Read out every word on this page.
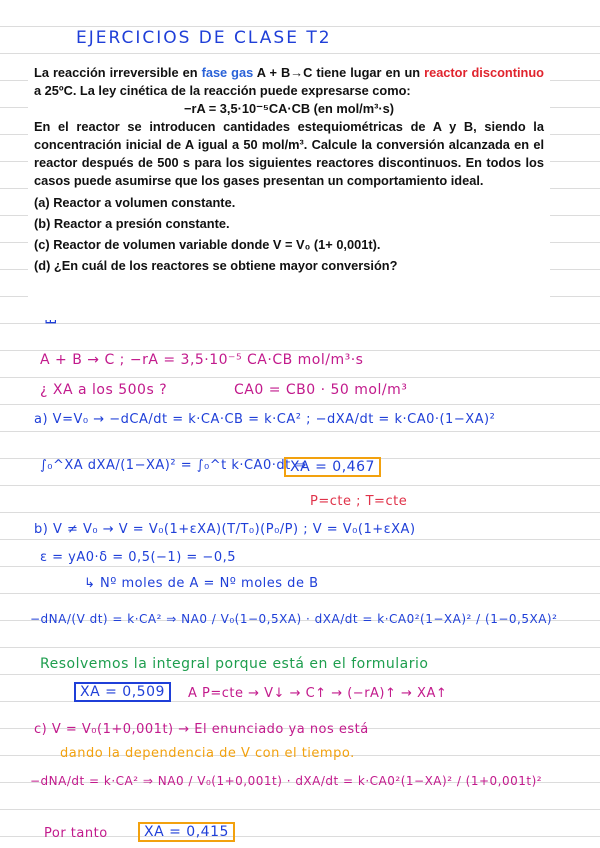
EJERCICIOS DE CLASE T2

La reacción irreversible en fase gas A + B→C tiene lugar en un reactor discontinuo a 25ºC. La ley cinética de la reacción puede expresarse como:

−rA = 3,5·10⁻⁵CA·CB (en mol/m³·s)

En el reactor se introducen cantidades estequiométricas de A y B, siendo la concentración inicial de A igual a 50 mol/m³. Calcule la conversión alcanzada en el reactor después de 500 s para los siguientes reactores discontinuos. En todos los casos puede asumirse que los gases presentan un comportamiento ideal.

(a) Reactor a volumen constante.

(b) Reactor a presión constante.

(c) Reactor de volumen variable donde V = V₀ (1+ 0,001t).

(d) ¿En cuál de los reactores se obtiene mayor conversión?

A + B → C ; −rA = 3,5·10⁻⁵ CA·CB mol/m³·s
¿ XA a los 500s ?	CA0 = CB0 · 50 mol/m³
a) V=V₀ → −dCA/dt = k·CA·CB = k·CA² ; −dXA/dt = k·CA0·(1−XA)²
∫₀^XA dXA/(1−XA)² = ∫₀^t k·CA0·dt ⇒
XA = 0,467
P=cte ; T=cte
b) V ≠ V₀ → V = V₀(1+εXA)(T/T₀)(P₀/P) ; V = V₀(1+εXA)
ε = yA0·δ = 0,5(−1) = −0,5
↳ Nº moles de A = Nº moles de B
−dNA/(V dt) = k·CA² ⇒ NA0 / V₀(1−0,5XA) · dXA/dt = k·CA0²(1−XA)² / (1−0,5XA)²
Resolvemos la integral porque está en el formulario
XA = 0,509	A P=cte → V↓ → C↑ → (−rA)↑ → XA↑
c) V = V₀(1+0,001t) → El enunciado ya nos está
dando la dependencia de V con el tiempo.
−dNA/dt = k·CA² ⇒ NA0 / V₀(1+0,001t) · dXA/dt = k·CA0²(1−XA)² / (1+0,001t)²
Por tanto	XA = 0,415
